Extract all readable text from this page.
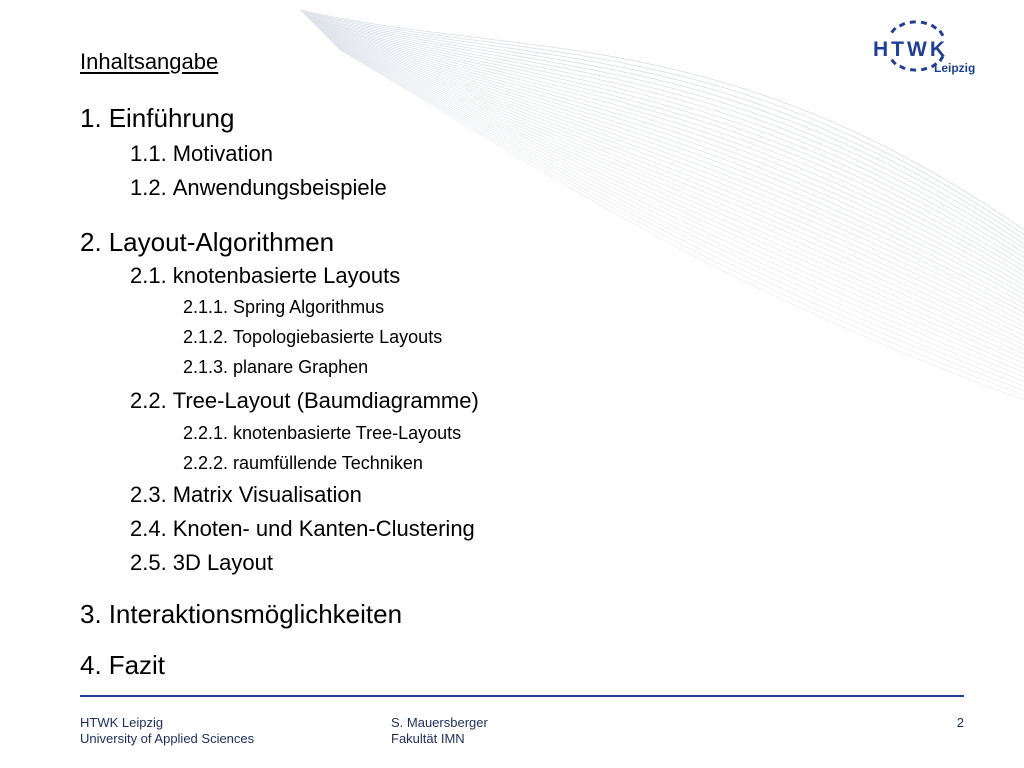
HTWK
Leipzig
Inhaltsangabe
1. Einführung
1.1. Motivation
1.2. Anwendungsbeispiele
2. Layout-Algorithmen
2.1. knotenbasierte Layouts
2.1.1. Spring Algorithmus
2.1.2. Topologiebasierte Layouts
2.1.3. planare Graphen
2.2. Tree-Layout (Baumdiagramme)
2.2.1. knotenbasierte Tree-Layouts
2.2.2. raumfüllende Techniken
2.3. Matrix Visualisation
2.4. Knoten- und Kanten-Clustering
2.5. 3D Layout
3. Interaktionsmöglichkeiten
4. Fazit
HTWK Leipzig
University of Applied Sciences
S. Mauersberger
Fakultät IMN
2
